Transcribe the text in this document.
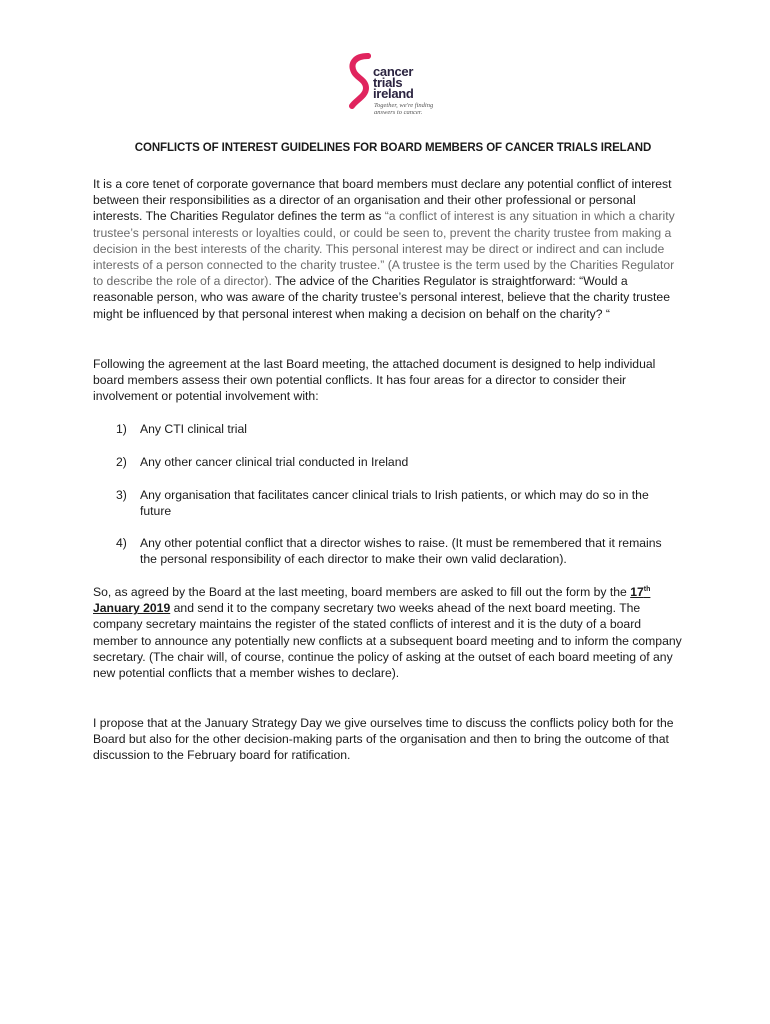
cancer
trials
ireland
Together, we're finding answers to cancer.
CONFLICTS OF INTEREST GUIDELINES FOR BOARD MEMBERS OF CANCER TRIALS IRELAND

It is a core tenet of corporate governance that board members must declare any potential conflict of interest between their responsibilities as a director of an organisation and their other professional or personal interests. The Charities Regulator defines the term as “a conflict of interest is any situation in which a charity trustee’s personal interests or loyalties could, or could be seen to, prevent the charity trustee from making a decision in the best interests of the charity. This personal interest may be direct or indirect and can include interests of a person connected to the charity trustee.” (A trustee is the term used by the Charities Regulator to describe the role of a director). The advice of the Charities Regulator is straightforward: “Would a reasonable person, who was aware of the charity trustee’s personal interest, believe that the charity trustee might be influenced by that personal interest when making a decision on behalf on the charity? “

Following the agreement at the last Board meeting, the attached document is designed to help individual board members assess their own potential conflicts. It has four areas for a director to consider their involvement or potential involvement with:

1) Any CTI clinical trial
2) Any other cancer clinical trial conducted in Ireland
3) Any organisation that facilitates cancer clinical trials to Irish patients, or which may do so in the future
4) Any other potential conflict that a director wishes to raise. (It must be remembered that it remains the personal responsibility of each director to make their own valid declaration).

So, as agreed by the Board at the last meeting, board members are asked to fill out the form by the 17th January 2019 and send it to the company secretary two weeks ahead of the next board meeting. The company secretary maintains the register of the stated conflicts of interest and it is the duty of a board member to announce any potentially new conflicts at a subsequent board meeting and to inform the company secretary. (The chair will, of course, continue the policy of asking at the outset of each board meeting of any new potential conflicts that a member wishes to declare).

I propose that at the January Strategy Day we give ourselves time to discuss the conflicts policy both for the Board but also for the other decision-making parts of the organisation and then to bring the outcome of that discussion to the February board for ratification.
